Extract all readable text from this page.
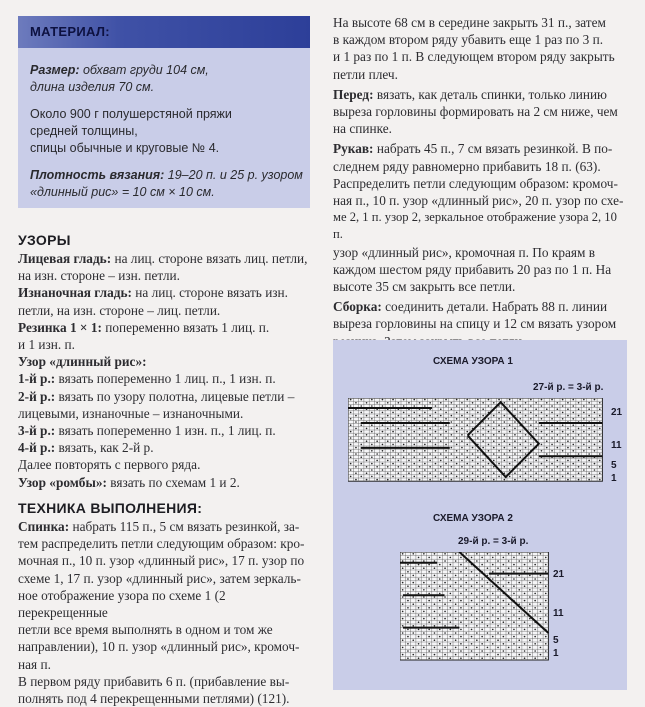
МАТЕРИАЛ:

Размер: обхват груди 104 см,
длина изделия 70 см.

Около 900 г полушерстяной пряжи
средней толщины,
спицы обычные и круговые № 4.

Плотность вязания: 19–20 п. и 25 р. узором
«длинный рис» = 10 см × 10 см.

УЗОРЫ

Лицевая гладь: на лиц. стороне вязать лиц. петли,

на изн. стороне – изн. петли.

Изнаночная гладь: на лиц. стороне вязать изн.

петли, на изн. стороне – лиц. петли.

Резинка 1 × 1: попеременно вязать 1 лиц. п.

и 1 изн. п.

Узор «длинный рис»:

1-й р.: вязать попеременно 1 лиц. п., 1 изн. п.

2-й р.: вязать по узору полотна, лицевые петли –

лицевыми, изнаночные – изнаночными.

3-й р.: вязать попеременно 1 изн. п., 1 лиц. п.

4-й р.: вязать, как 2-й р.

Далее повторять с первого ряда.

Узор «ромбы»: вязать по схемам 1 и 2.

ТЕХНИКА ВЫПОЛНЕНИЯ:

Спинка: набрать 115 п., 5 см вязать резинкой, за-

тем распределить петли следующим образом: кро-

мочная п., 10 п. узор «длинный рис», 17 п. узор по

схеме 1, 17 п. узор «длинный рис», затем зеркаль-

ное отображение узора по схеме 1 (2 перекрещенные

петли все время выполнять в одном и том же

направлении), 10 п. узор «длинный рис», кромоч-

ная п.

В первом ряду прибавить 6 п. (прибавление вы-

полнять под 4 перекрещенными петлями) (121).

На высоте 68 см в середине закрыть 31 п., затем

в каждом втором ряду убавить еще 1 раз по 3 п.

и 1 раз по 1 п. В следующем втором ряду закрыть

петли плеч.

Перед: вязать, как деталь спинки, только линию

выреза горловины формировать на 2 см ниже, чем

на спинке.

Рукав: набрать 45 п., 7 см вязать резинкой. В по-

следнем ряду равномерно прибавить 18 п. (63).

Распределить петли следующим образом: кромоч-

ная п., 10 п. узор «длинный рис», 20 п. узор по схе-

ме 2, 1 п. узор 2, зеркальное отображение узора 2, 10 п.

узор «длинный рис», кромочная п. По краям в

каждом шестом ряду прибавить 20 раз по 1 п. На

высоте 35 см закрыть все петли.

Сборка: соединить детали. Набрать 88 п. линии

выреза горловины на спицу и 12 см вязать узором

СХЕМА УЗОРА 1
27-й р. = 3-й р.
21
11
5
1
СХЕМА УЗОРА 2
29-й р. = 3-й р.
21
11
5
1
